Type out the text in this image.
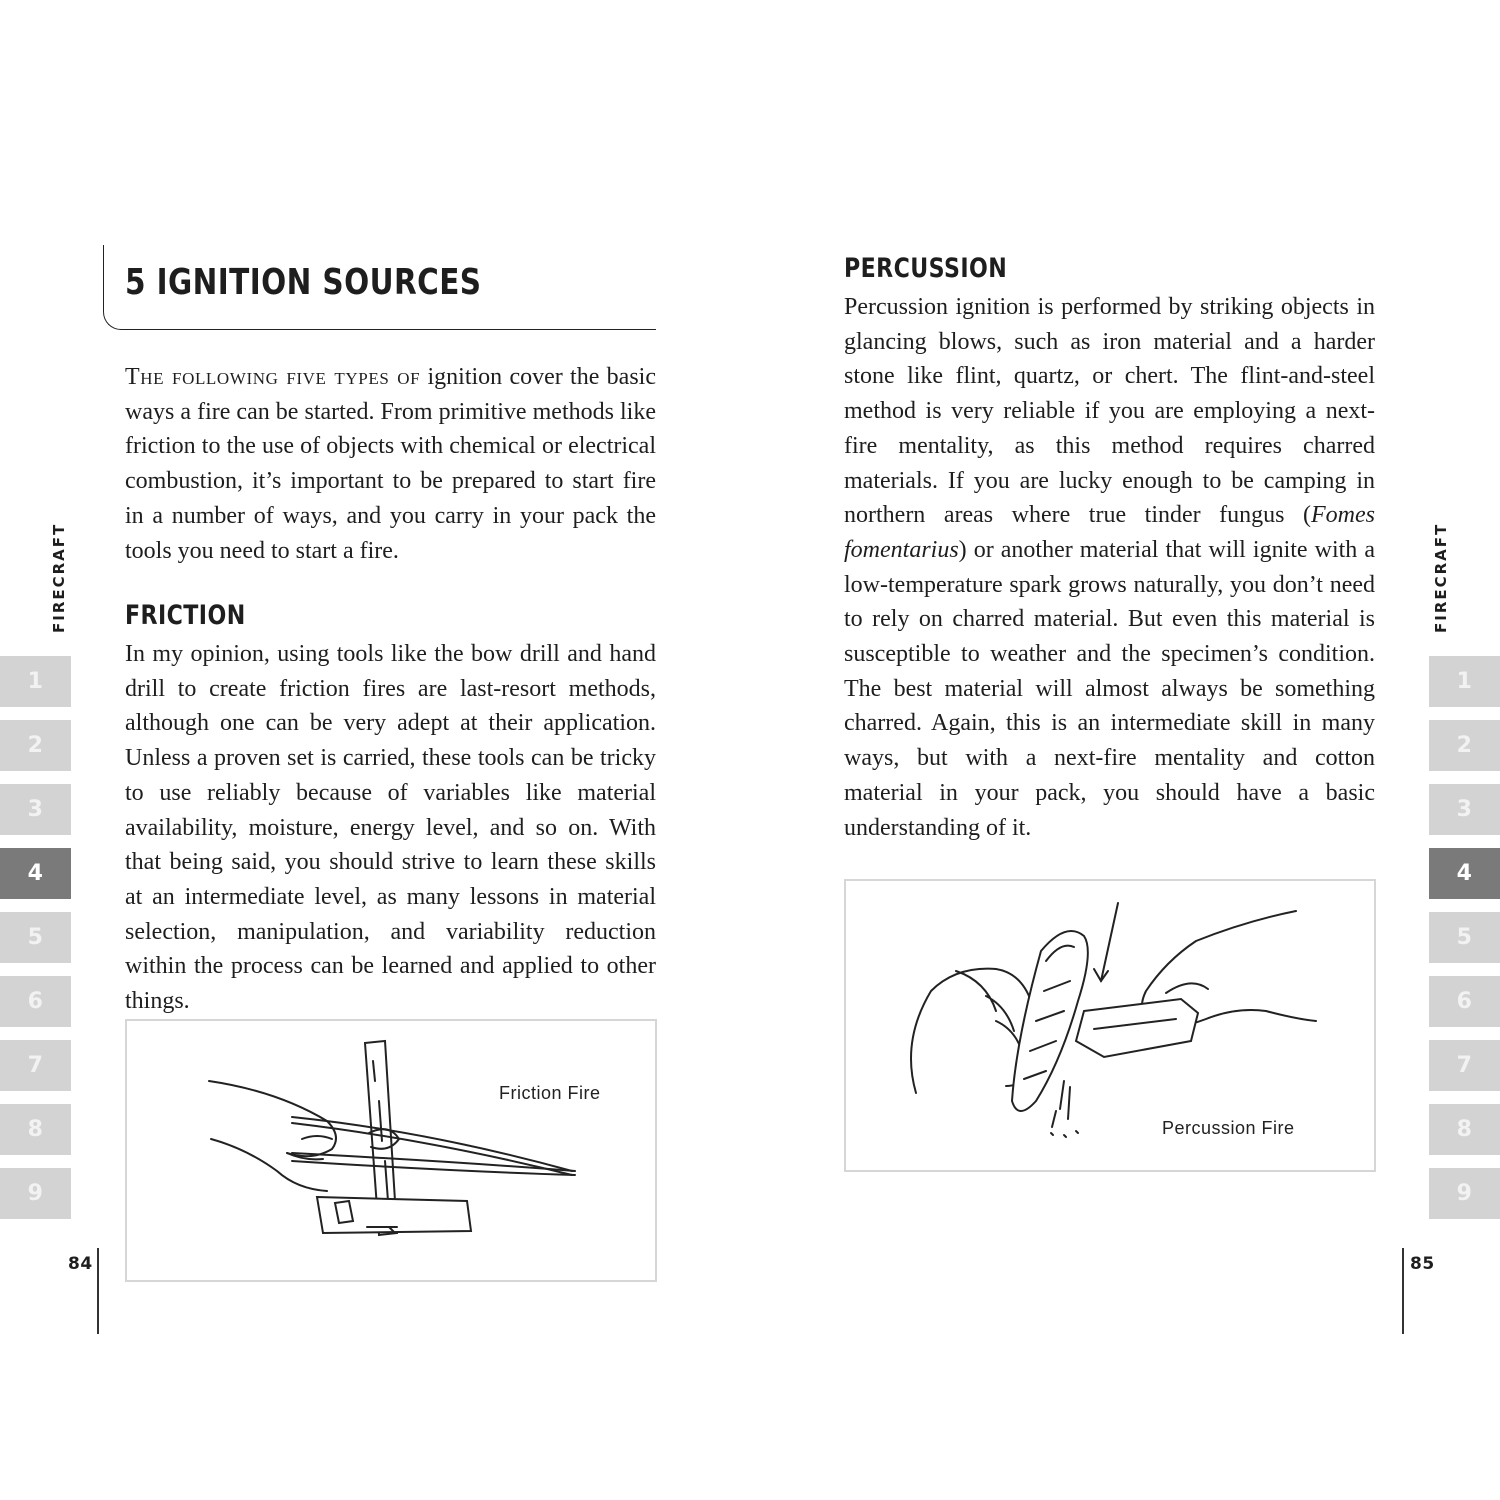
5 IGNITION SOURCES

The following five types of ignition cover the basic ways a fire can be started. From primitive methods like friction to the use of objects with chemical or electrical combustion, it’s important to be prepared to start fire in a number of ways, and you carry in your pack the tools you need to start a fire.

FRICTION

In my opinion, using tools like the bow drill and hand drill to create friction fires are last-resort methods, although one can be very adept at their application. Unless a proven set is carried, these tools can be tricky to use reliably because of variables like material availability, moisture, energy level, and so on. With that being said, you should strive to learn these skills at an intermediate level, as many lessons in material selection, manipulation, and variability reduction within the process can be learned and applied to other things.

Friction Fire
FIRECRAFT
1
2
3
4
5
6
7
8
9
84
PERCUSSION

Percussion ignition is performed by striking objects in glancing blows, such as iron material and a harder stone like flint, quartz, or chert. The flint-and-steel method is very reliable if you are employing a next-fire mentality, as this method requires charred materials. If you are lucky enough to be camping in northern areas where true tinder fungus (Fomes fomentarius) or another material that will ignite with a low-temperature spark grows naturally, you don’t need to rely on charred material. But even this material is susceptible to weather and the specimen’s condition. The best material will almost always be something charred. Again, this is an intermediate skill in many ways, but with a next-fire mentality and cotton material in your pack, you should have a basic understanding of it.

Percussion Fire
FIRECRAFT
1
2
3
4
5
6
7
8
9
85
